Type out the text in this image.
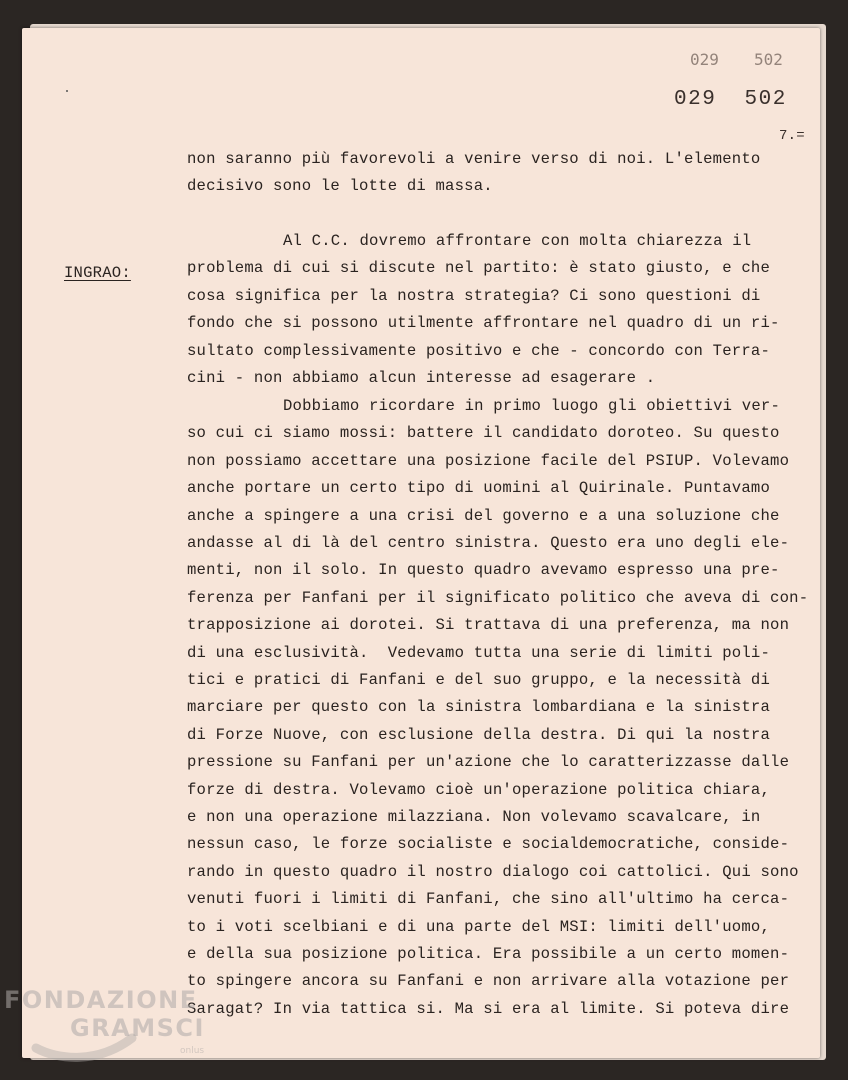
029 502
029  502
7.=
INGRAO:
non saranno più favorevoli a venire verso di noi. L'elemento
decisivo sono le lotte di massa.
Al C.C. dovremo affrontare con molta chiarezza il
problema di cui si discute nel partito: è stato giusto, e che
cosa significa per la nostra strategia? Ci sono questioni di
fondo che si possono utilmente affrontare nel quadro di un ri-
sultato complessivamente positivo e che - concordo con Terra-
cini - non abbiamo alcun interesse ad esagerare .
Dobbiamo ricordare in primo luogo gli obiettivi ver-
so cui ci siamo mossi: battere il candidato doroteo. Su questo
non possiamo accettare una posizione facile del PSIUP. Volevamo
anche portare un certo tipo di uomini al Quirinale. Puntavamo
anche a spingere a una crisi del governo e a una soluzione che
andasse al di là del centro sinistra. Questo era uno degli ele-
menti, non il solo. In questo quadro avevamo espresso una pre-
ferenza per Fanfani per il significato politico che aveva di con-
trapposizione ai dorotei. Si trattava di una preferenza, ma non
di una esclusività.  Vedevamo tutta una serie di limiti poli-
tici e pratici di Fanfani e del suo gruppo, e la necessità di
marciare per questo con la sinistra lombardiana e la sinistra
di Forze Nuove, con esclusione della destra. Di qui la nostra
pressione su Fanfani per un'azione che lo caratterizzasse dalle
forze di destra. Volevamo cioè un'operazione politica chiara,
e non una operazione milazziana. Non volevamo scavalcare, in
nessun caso, le forze socialiste e socialdemocratiche, conside-
rando in questo quadro il nostro dialogo coi cattolici. Qui sono
venuti fuori i limiti di Fanfani, che sino all'ultimo ha cerca-
to i voti scelbiani e di una parte del MSI: limiti dell'uomo,
e della sua posizione politica. Era possibile a un certo momen-
to spingere ancora su Fanfani e non arrivare alla votazione per
Saragat? In via tattica si. Ma si era al limite. Si poteva dire
FONDAZIONE
GRAMSCI
onlus
